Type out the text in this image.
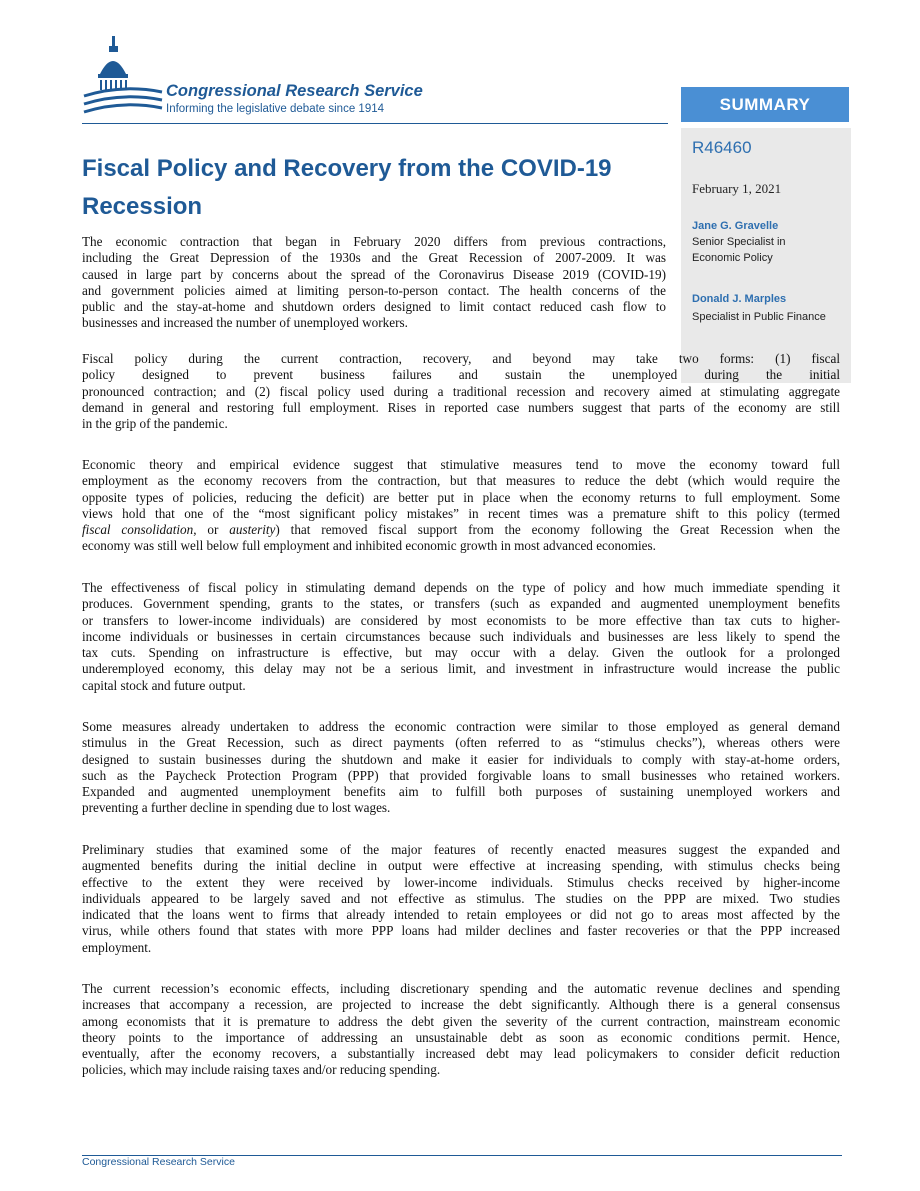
Congressional Research Service
Informing the legislative debate since 1914	SUMMARY
R46460
February 1, 2021
Jane G. Gravelle
Senior Specialist in
Economic Policy
Donald J. Marples
Specialist in Public Finance
Fiscal Policy and Recovery from the COVID-19 Recession
The economic contraction that began in February 2020 differs from previous contractions,
including the Great Depression of the 1930s and the Great Recession of 2007-2009. It was
caused in large part by concerns about the spread of the Coronavirus Disease 2019 (COVID-19)
and government policies aimed at limiting person-to-person contact. The health concerns of the
public and the stay-at-home and shutdown orders designed to limit contact reduced cash flow to
businesses and increased the number of unemployed workers.
Fiscal policy during the current contraction, recovery, and beyond may take two forms: (1) fiscal
policy designed to prevent business failures and sustain the unemployed during the initial
pronounced contraction; and (2) fiscal policy used during a traditional recession and recovery aimed at stimulating aggregate
demand in general and restoring full employment. Rises in reported case numbers suggest that parts of the economy are still
in the grip of the pandemic.
Economic theory and empirical evidence suggest that stimulative measures tend to move the economy toward full
employment as the economy recovers from the contraction, but that measures to reduce the debt (which would require the
opposite types of policies, reducing the deficit) are better put in place when the economy returns to full employment. Some
views hold that one of the “most significant policy mistakes” in recent times was a premature shift to this policy (termed
fiscal consolidation, or austerity) that removed fiscal support from the economy following the Great Recession when the
economy was still well below full employment and inhibited economic growth in most advanced economies.
The effectiveness of fiscal policy in stimulating demand depends on the type of policy and how much immediate spending it
produces. Government spending, grants to the states, or transfers (such as expanded and augmented unemployment benefits
or transfers to lower-income individuals) are considered by most economists to be more effective than tax cuts to higher-
income individuals or businesses in certain circumstances because such individuals and businesses are less likely to spend the
tax cuts. Spending on infrastructure is effective, but may occur with a delay. Given the outlook for a prolonged
underemployed economy, this delay may not be a serious limit, and investment in infrastructure would increase the public
capital stock and future output.
Some measures already undertaken to address the economic contraction were similar to those employed as general demand
stimulus in the Great Recession, such as direct payments (often referred to as “stimulus checks”), whereas others were
designed to sustain businesses during the shutdown and make it easier for individuals to comply with stay-at-home orders,
such as the Paycheck Protection Program (PPP) that provided forgivable loans to small businesses who retained workers.
Expanded and augmented unemployment benefits aim to fulfill both purposes of sustaining unemployed workers and
preventing a further decline in spending due to lost wages.
Preliminary studies that examined some of the major features of recently enacted measures suggest the expanded and
augmented benefits during the initial decline in output were effective at increasing spending, with stimulus checks being
effective to the extent they were received by lower-income individuals. Stimulus checks received by higher-income
individuals appeared to be largely saved and not effective as stimulus. The studies on the PPP are mixed. Two studies
indicated that the loans went to firms that already intended to retain employees or did not go to areas most affected by the
virus, while others found that states with more PPP loans had milder declines and faster recoveries or that the PPP increased
employment.
The current recession’s economic effects, including discretionary spending and the automatic revenue declines and spending
increases that accompany a recession, are projected to increase the debt significantly. Although there is a general consensus
among economists that it is premature to address the debt given the severity of the current contraction, mainstream economic
theory points to the importance of addressing an unsustainable debt as soon as economic conditions permit. Hence,
eventually, after the economy recovers, a substantially increased debt may lead policymakers to consider deficit reduction
policies, which may include raising taxes and/or reducing spending.
Congressional Research Service
